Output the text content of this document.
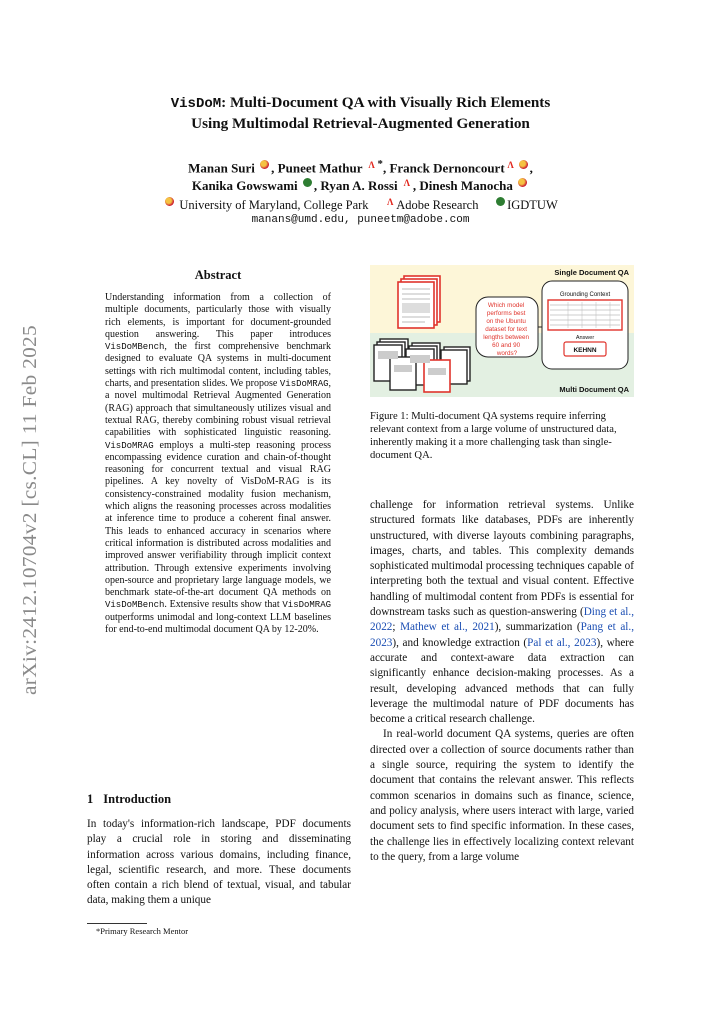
arXiv:2412.10704v2 [cs.CL] 11 Feb 2025
VisDoM: Multi-Document QA with Visually Rich Elements
Using Multimodal Retrieval-Augmented Generation
Manan Suri , Puneet Mathur Λ *, Franck Dernoncourt Λ ,
Kanika Gowswami , Ryan A. Rossi Λ , Dinesh Manocha
University of Maryland, College Park Λ Adobe Research IGDTUW
manans@umd.edu, puneetm@adobe.com
Abstract
Understanding information from a collection of multiple documents, particularly those with visually rich elements, is important for document-grounded question answering. This paper introduces VisDoMBench, the first comprehensive benchmark designed to evaluate QA systems in multi-document settings with rich multimodal content, including tables, charts, and presentation slides. We propose VisDoMRAG, a novel multimodal Retrieval Augmented Generation (RAG) approach that simultaneously utilizes visual and textual RAG, thereby combining robust visual retrieval capabilities with sophisticated linguistic reasoning. VisDoMRAG employs a multi-step reasoning process encompassing evidence curation and chain-of-thought reasoning for concurrent textual and visual RAG pipelines. A key novelty of VisDoM-RAG is its consistency-constrained modality fusion mechanism, which aligns the reasoning processes across modalities at inference time to produce a coherent final answer. This leads to enhanced accuracy in scenarios where critical information is distributed across modalities and improved answer verifiability through implicit context attribution. Through extensive experiments involving open-source and proprietary large language models, we benchmark state-of-the-art document QA methods on VisDoMBench. Extensive results show that VisDoMRAG outperforms unimodal and long-context LLM baselines for end-to-end multimodal document QA by 12-20%.
1 Introduction
In today's information-rich landscape, PDF documents play a crucial role in storing and disseminating information across various domains, including finance, legal, scientific research, and more. These documents often contain a rich blend of textual, visual, and tabular data, making them a unique
*Primary Research Mentor
Single Document QA
Multi Document QA
Which model performs best on the Ubuntu dataset for text lengths between 60 and 90 words?
Grounding Context
Answer
KEHNN
Figure 1: Multi-document QA systems require inferring relevant context from a large volume of unstructured data, inherently making it a more challenging task than single-document QA.

challenge for information retrieval systems. Unlike structured formats like databases, PDFs are inherently unstructured, with diverse layouts combining paragraphs, images, charts, and tables. This complexity demands sophisticated multimodal processing techniques capable of interpreting both the textual and visual content. Effective handling of multimodal content from PDFs is essential for downstream tasks such as question-answering (Ding et al., 2022; Mathew et al., 2021), summarization (Pang et al., 2023), and knowledge extraction (Pal et al., 2023), where accurate and context-aware data extraction can significantly enhance decision-making processes. As a result, developing advanced methods that can fully leverage the multimodal nature of PDF documents has become a critical research challenge.

In real-world document QA systems, queries are often directed over a collection of source documents rather than a single source, requiring the system to identify the document that contains the relevant answer. This reflects common scenarios in domains such as finance, science, and policy analysis, where users interact with large, varied document sets to find specific information. In these cases, the challenge lies in effectively localizing context relevant to the query, from a large volume
